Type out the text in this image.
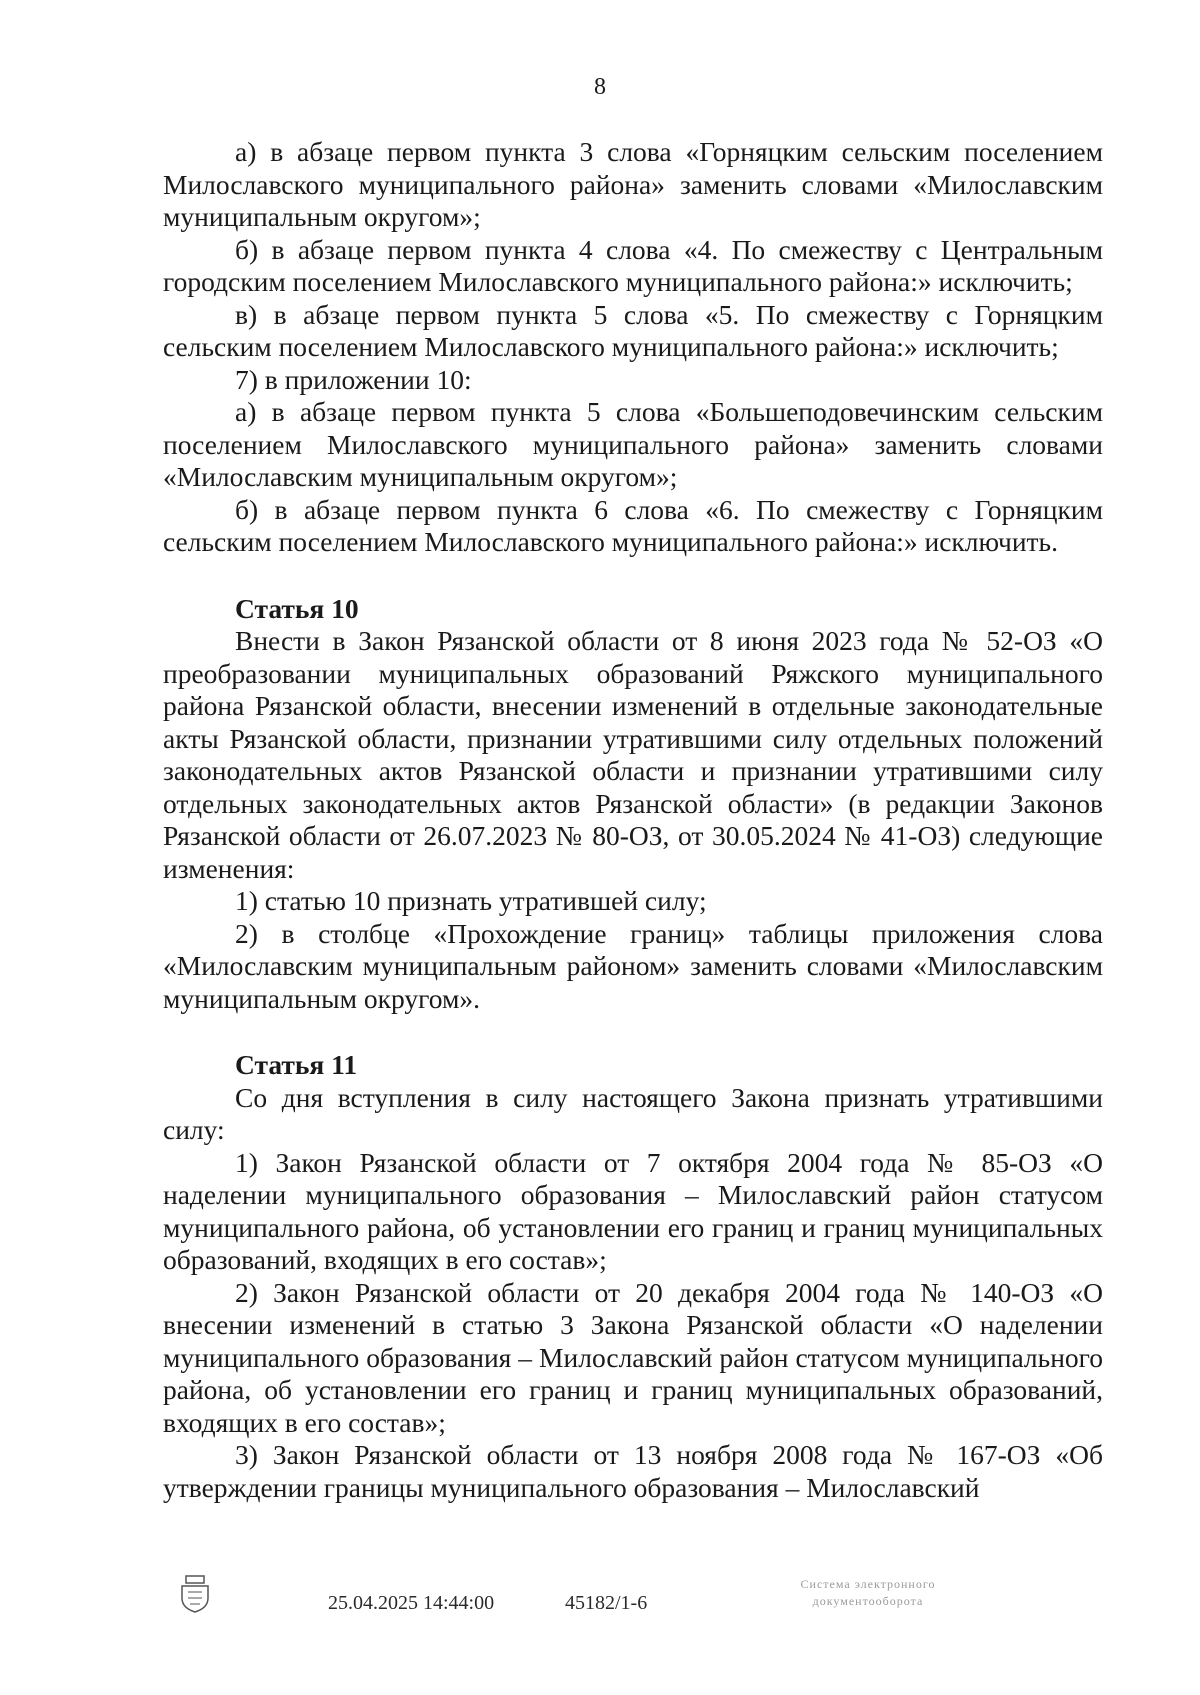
8

а) в абзаце первом пункта 3 слова «Горняцким сельским поселением Милославского муниципального района» заменить словами «Милославским муниципальным округом»;

б) в абзаце первом пункта 4 слова «4. По смежеству с Центральным городским поселением Милославского муниципального района:» исключить;

в) в абзаце первом пункта 5 слова «5. По смежеству с Горняцким сельским поселением Милославского муниципального района:» исключить;

7) в приложении 10:

а) в абзаце первом пункта 5 слова «Большеподовечинским сельским поселением Милославского муниципального района» заменить словами «Милославским муниципальным округом»;

б) в абзаце первом пункта 6 слова «6. По смежеству с Горняцким сельским поселением Милославского муниципального района:» исключить.

Статья 10

Внести в Закон Рязанской области от 8 июня 2023 года № 52-ОЗ «О преобразовании муниципальных образований Ряжского муниципального района Рязанской области, внесении изменений в отдельные законодательные акты Рязанской области, признании утратившими силу отдельных положений законодательных актов Рязанской области и признании утратившими силу отдельных законодательных актов Рязанской области» (в редакции Законов Рязанской области от 26.07.2023 № 80-ОЗ, от 30.05.2024 № 41-ОЗ) следующие изменения:

1) статью 10 признать утратившей силу;

2) в столбце «Прохождение границ» таблицы приложения слова «Милославским муниципальным районом» заменить словами «Милославским муниципальным округом».

Статья 11

Со дня вступления в силу настоящего Закона признать утратившими силу:

1) Закон Рязанской области от 7 октября 2004 года № 85-ОЗ «О наделении муниципального образования – Милославский район статусом муниципального района, об установлении его границ и границ муниципальных образований, входящих в его состав»;

2) Закон Рязанской области от 20 декабря 2004 года № 140-ОЗ «О внесении изменений в статью 3 Закона Рязанской области «О наделении муниципального образования – Милославский район статусом муниципального района, об установлении его границ и границ муниципальных образований, входящих в его состав»;

3) Закон Рязанской области от 13 ноября 2008 года № 167-ОЗ «Об утверждении границы муниципального образования – Милославский

25.04.2025 14:44:00	45182/1-6
Система электронного
документооборота
